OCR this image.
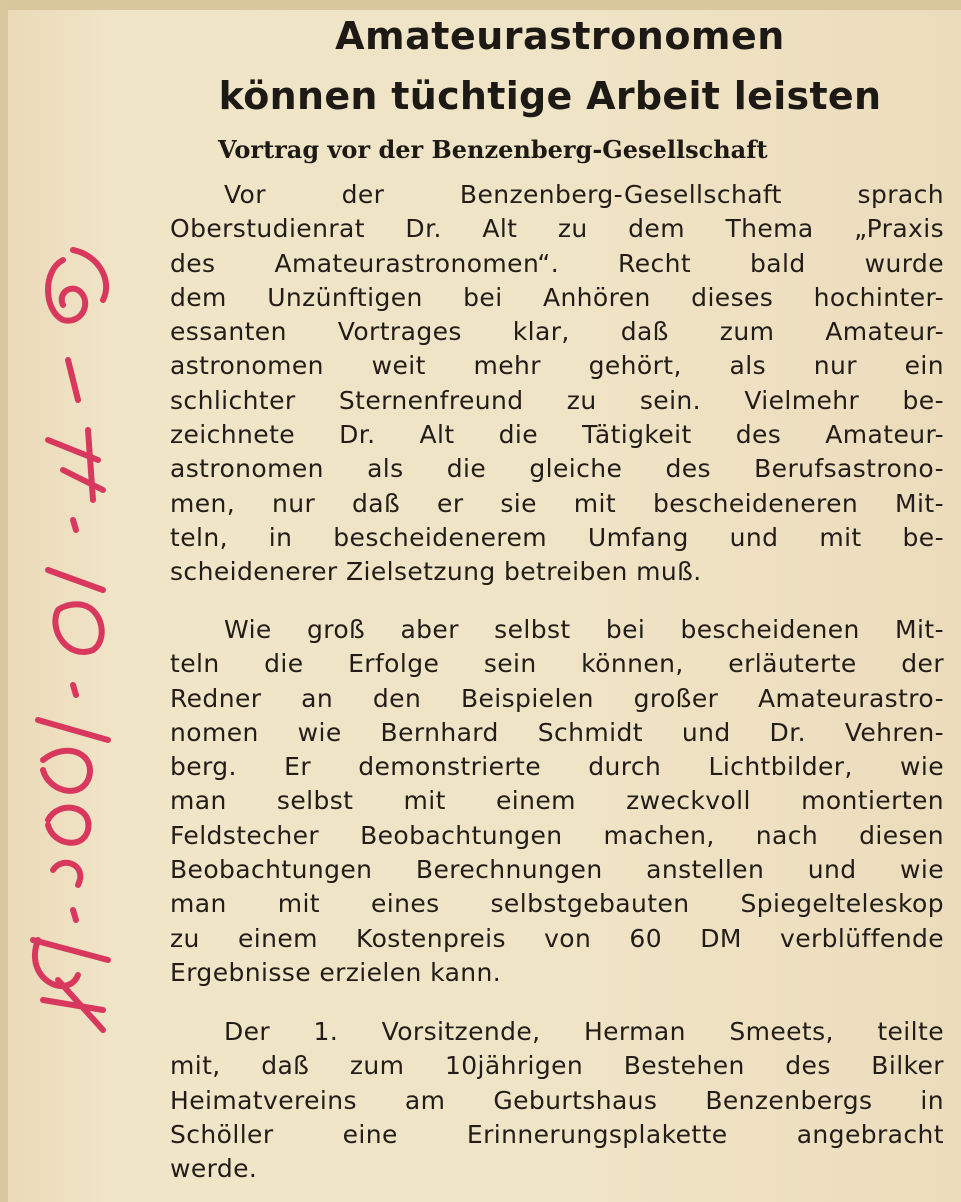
Amateurastronomen
können tüchtige Arbeit leisten
Vortrag vor der Benzenberg-Gesellschaft
Vor der Benzenberg-Gesellschaft sprach
Oberstudienrat Dr. Alt zu dem Thema „Praxis
des Amateurastronomen“. Recht bald wurde
dem Unzünftigen bei Anhören dieses hochinter-
essanten Vortrages klar, daß zum Amateur-
astronomen weit mehr gehört, als nur ein
schlichter Sternenfreund zu sein. Vielmehr be-
zeichnete Dr. Alt die Tätigkeit des Amateur-
astronomen als die gleiche des Berufsastrono-
men, nur daß er sie mit bescheideneren Mit-
teln, in bescheidenerem Umfang und mit be-
scheidenerer Zielsetzung betreiben muß.
Wie groß aber selbst bei bescheidenen Mit-
teln die Erfolge sein können, erläuterte der
Redner an den Beispielen großer Amateurastro-
nomen wie Bernhard Schmidt und Dr. Vehren-
berg. Er demonstrierte durch Lichtbilder, wie
man selbst mit einem zweckvoll montierten
Feldstecher Beobachtungen machen, nach diesen
Beobachtungen Berechnungen anstellen und wie
man mit eines selbstgebauten Spiegelteleskop
zu einem Kostenpreis von 60 DM verblüffende
Ergebnisse erzielen kann.
Der 1. Vorsitzende, Herman Smeets, teilte
mit, daß zum 10jährigen Bestehen des Bilker
Heimatvereins am Geburtshaus Benzenbergs in
Schöller eine Erinnerungsplakette angebracht
werde.
